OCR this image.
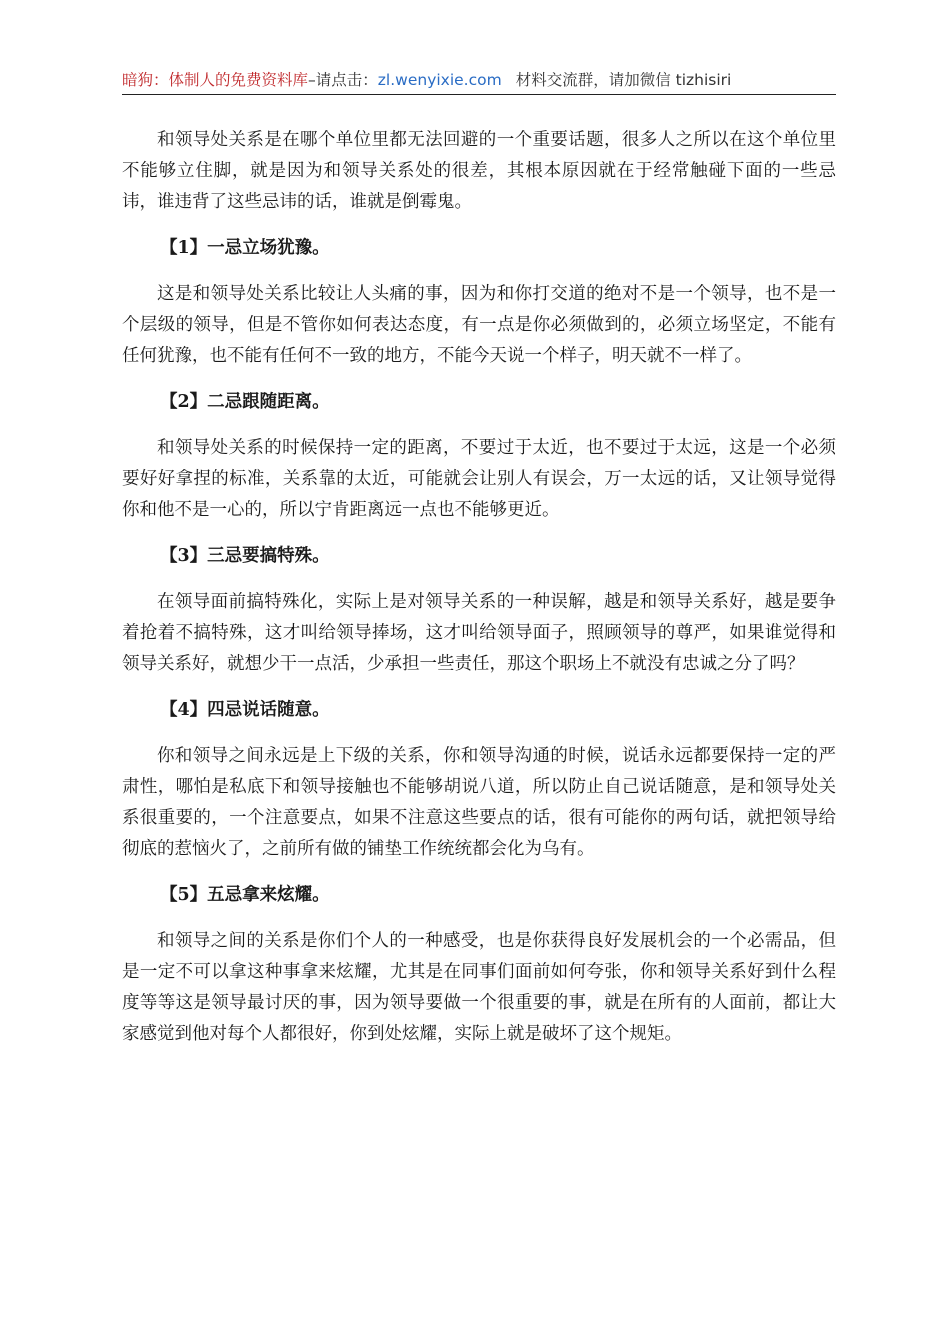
暗狗：体制人的免费资料库–请点击：zl.wenyixie.com 材料交流群，请加微信 tizhisiri

和领导处关系是在哪个单位里都无法回避的一个重要话题，很多人之所以在这个单位里不能够立住脚，就是因为和领导关系处的很差，其根本原因就在于经常触碰下面的一些忌讳，谁违背了这些忌讳的话，谁就是倒霉鬼。

【1】一忌立场犹豫。

这是和领导处关系比较让人头痛的事，因为和你打交道的绝对不是一个领导，也不是一个层级的领导，但是不管你如何表达态度，有一点是你必须做到的，必须立场坚定，不能有任何犹豫，也不能有任何不一致的地方，不能今天说一个样子，明天就不一样了。

【2】二忌跟随距离。

和领导处关系的时候保持一定的距离，不要过于太近，也不要过于太远，这是一个必须要好好拿捏的标准，关系靠的太近，可能就会让别人有误会，万一太远的话，又让领导觉得你和他不是一心的，所以宁肯距离远一点也不能够更近。

【3】三忌要搞特殊。

在领导面前搞特殊化，实际上是对领导关系的一种误解，越是和领导关系好，越是要争着抢着不搞特殊，这才叫给领导捧场，这才叫给领导面子，照顾领导的尊严，如果谁觉得和领导关系好，就想少干一点活，少承担一些责任，那这个职场上不就没有忠诚之分了吗？

【4】四忌说话随意。

你和领导之间永远是上下级的关系，你和领导沟通的时候，说话永远都要保持一定的严肃性，哪怕是私底下和领导接触也不能够胡说八道，所以防止自己说话随意，是和领导处关系很重要的，一个注意要点，如果不注意这些要点的话，很有可能你的两句话，就把领导给彻底的惹恼火了，之前所有做的铺垫工作统统都会化为乌有。

【5】五忌拿来炫耀。

和领导之间的关系是你们个人的一种感受，也是你获得良好发展机会的一个必需品，但是一定不可以拿这种事拿来炫耀，尤其是在同事们面前如何夸张，你和领导关系好到什么程度等等这是领导最讨厌的事，因为领导要做一个很重要的事，就是在所有的人面前，都让大家感觉到他对每个人都很好，你到处炫耀，实际上就是破坏了这个规矩。
